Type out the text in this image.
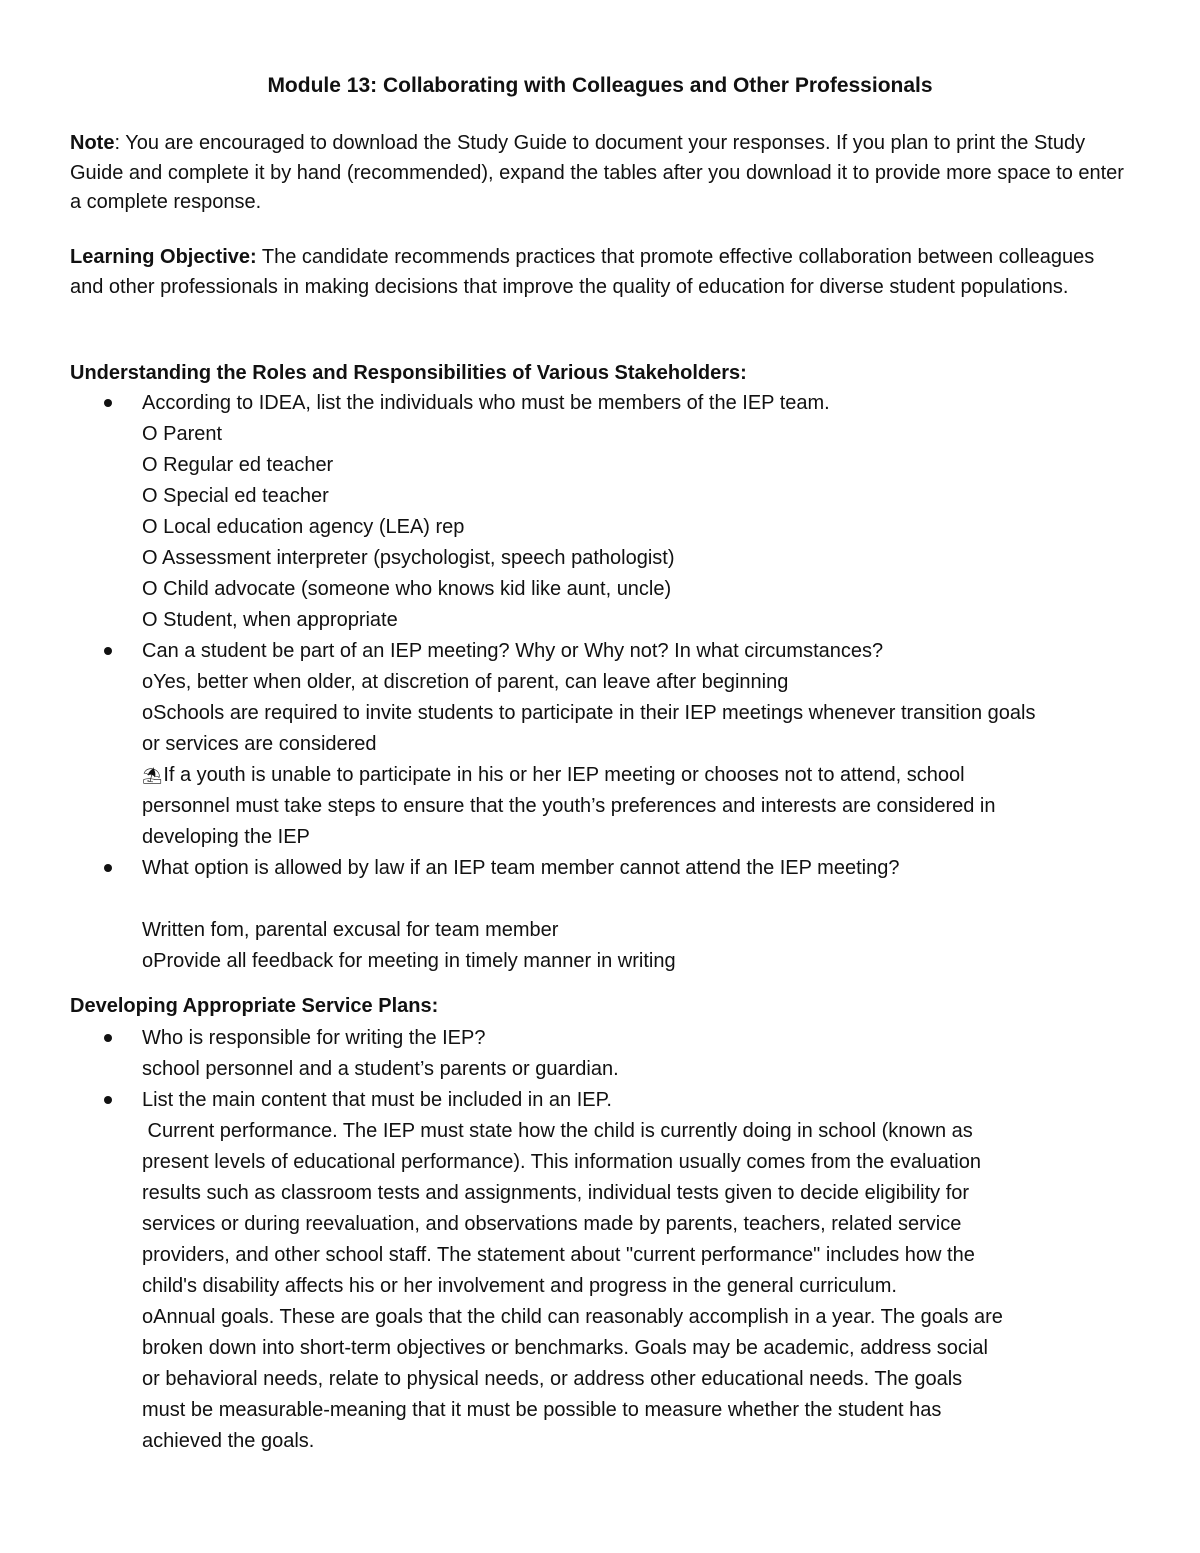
Module 13: Collaborating with Colleagues and Other Professionals
Note: You are encouraged to download the Study Guide to document your responses. If you plan to print the Study Guide and complete it by hand (recommended), expand the tables after you download it to provide more space to enter a complete response.
Learning Objective: The candidate recommends practices that promote effective collaboration between colleagues and other professionals in making decisions that improve the quality of education for diverse student populations.
Understanding the Roles and Responsibilities of Various Stakeholders:
According to IDEA, list the individuals who must be members of the IEP team.
O Parent
O Regular ed teacher
O Special ed teacher
O Local education agency (LEA) rep
O Assessment interpreter (psychologist, speech pathologist)
O Child advocate (someone who knows kid like aunt, uncle)
O Student, when appropriate
Can a student be part of an IEP meeting? Why or Why not? In what circumstances?
oYes, better when older, at discretion of parent, can leave after beginning
oSchools are required to invite students to participate in their IEP meetings whenever transition goals
or services are considered
⛱If a youth is unable to participate in his or her IEP meeting or chooses not to attend, school
personnel must take steps to ensure that the youth’s preferences and interests are considered in
developing the IEP
What option is allowed by law if an IEP team member cannot attend the IEP meeting?
Written fom, parental excusal for team member
oProvide all feedback for meeting in timely manner in writing
Developing Appropriate Service Plans:
Who is responsible for writing the IEP?
school personnel and a student’s parents or guardian.
List the main content that must be included in an IEP.
Current performance. The IEP must state how the child is currently doing in school (known as
present levels of educational performance). This information usually comes from the evaluation
results such as classroom tests and assignments, individual tests given to decide eligibility for
services or during reevaluation, and observations made by parents, teachers, related service
providers, and other school staff. The statement about "current performance" includes how the
child's disability affects his or her involvement and progress in the general curriculum.
oAnnual goals. These are goals that the child can reasonably accomplish in a year. The goals are
broken down into short-term objectives or benchmarks. Goals may be academic, address social
or behavioral needs, relate to physical needs, or address other educational needs. The goals
must be measurable-meaning that it must be possible to measure whether the student has
achieved the goals.
